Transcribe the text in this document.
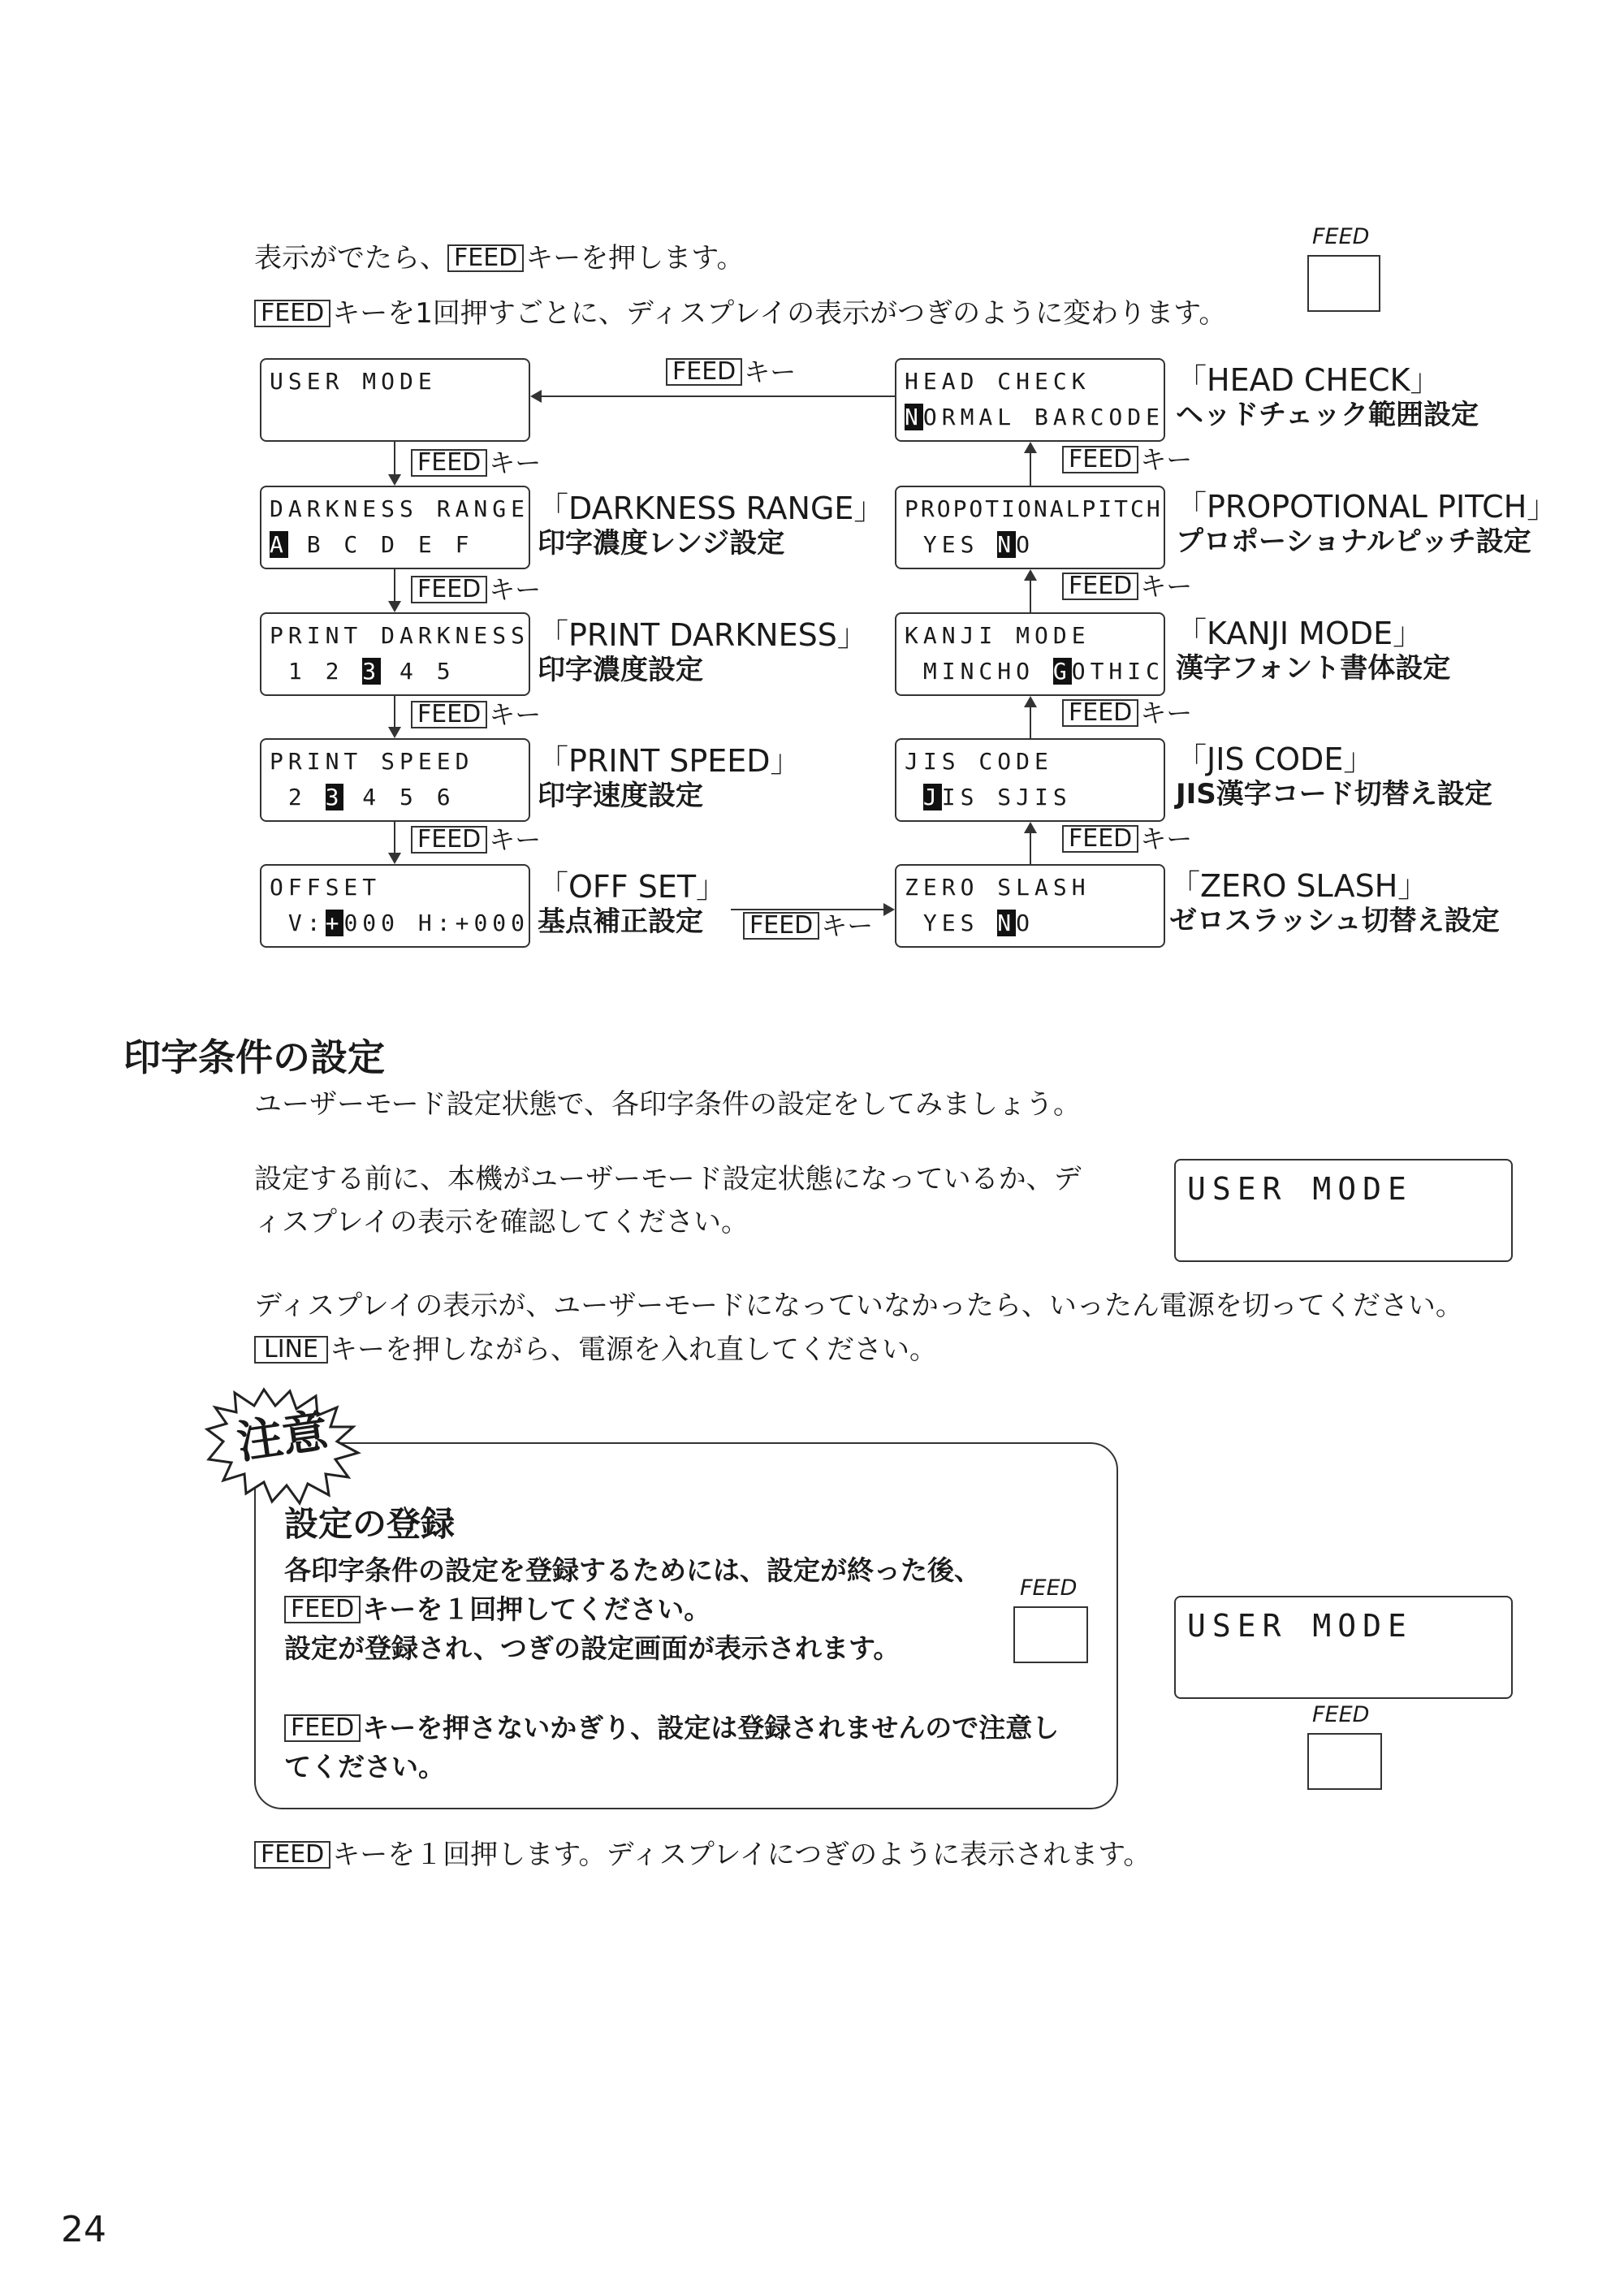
表示がでたら、 FEED キーを押します。
FEED キーを1回押すごとに、ディスプレイの表示がつぎのように変わります。
FEED
USER MODE
DARKNESS RANGE
A B C D E F
PRINT DARKNESS
1 2 3 4 5
PRINT SPEED
2 3 4 5 6
OFFSET
V:+000 H:+000
「DARKNESS RANGE」
印字濃度レンジ設定
「PRINT DARKNESS」
印字濃度設定
「PRINT SPEED」
印字速度設定
「OFF SET」
基点補正設定
FEED キー
FEED キー
FEED キー
FEED キー
HEAD CHECK
NORMAL BARCODE
PROPOTIONALPITCH
YES NO
KANJI MODE
MINCHO GOTHIC
JIS CODE
JIS SJIS
ZERO SLASH
YES NO
「HEAD CHECK」
ヘッドチェック範囲設定
「PROPOTIONAL PITCH」
プロポーショナルピッチ設定
「KANJI MODE」
漢字フォント書体設定
「JIS CODE」
JIS漢字コード切替え設定
「ZERO SLASH」
ゼロスラッシュ切替え設定
FEED キー
FEED キー
FEED キー
FEED キー
FEED キー
FEED キー
印字条件の設定
ユーザーモード設定状態で、各印字条件の設定をしてみましょう。
設定する前に、本機がユーザーモード設定状態になっているか、デ
ィスプレイの表示を確認してください。
USER MODE
ディスプレイの表示が、ユーザーモードになっていなかったら、いったん電源を切ってください。
LINE キーを押しながら、電源を入れ直してください。
注意
設定の登録
各印字条件の設定を登録するためには、設定が終った後、
FEED キーを１回押してください。
設定が登録され、つぎの設定画面が表示されます。
FEED キーを押さないかぎり、設定は登録されませんので注意し
てください。
FEED
USER MODE
FEED
FEED キーを１回押します。ディスプレイにつぎのように表示されます。
24
